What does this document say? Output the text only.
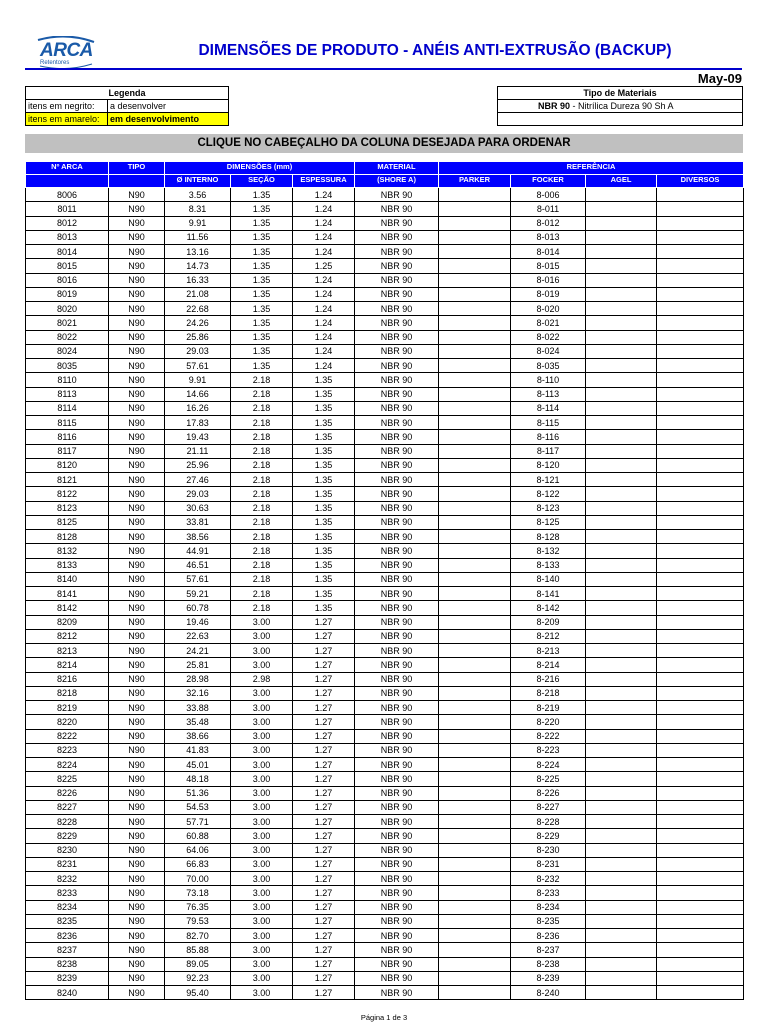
ARCA
Retentores
DIMENSÕES DE PRODUTO - ANÉIS ANTI-EXTRUSÃO (BACKUP)
May-09
Legenda	
itens em negrito:	a desenvolver
itens em amarelo:	em desenvolvimento
Tipo de Materiais
NBR 90 - Nitrílica Dureza 90 Sh A

CLIQUE NO CABEÇALHO DA COLUNA DESEJADA PARA ORDENAR
Nº ARCA	TIPO	DIMENSÕES (mm)			MATERIAL	REFERÊNCIA			
		Ø INTERNO	SEÇÃO	ESPESSURA	(SHORE A)	PARKER	FOCKER	AGEL	DIVERSOS
8006	N90	3.56	1.35	1.24	NBR 90		8-006		
8011	N90	8.31	1.35	1.24	NBR 90		8-011		
8012	N90	9.91	1.35	1.24	NBR 90		8-012		
8013	N90	11.56	1.35	1.24	NBR 90		8-013		
8014	N90	13.16	1.35	1.24	NBR 90		8-014		
8015	N90	14.73	1.35	1.25	NBR 90		8-015		
8016	N90	16.33	1.35	1.24	NBR 90		8-016		
8019	N90	21.08	1.35	1.24	NBR 90		8-019		
8020	N90	22.68	1.35	1.24	NBR 90		8-020		
8021	N90	24.26	1.35	1.24	NBR 90		8-021		
8022	N90	25.86	1.35	1.24	NBR 90		8-022		
8024	N90	29.03	1.35	1.24	NBR 90		8-024		
8035	N90	57.61	1.35	1.24	NBR 90		8-035		
8110	N90	9.91	2.18	1.35	NBR 90		8-110		
8113	N90	14.66	2.18	1.35	NBR 90		8-113		
8114	N90	16.26	2.18	1.35	NBR 90		8-114		
8115	N90	17.83	2.18	1.35	NBR 90		8-115		
8116	N90	19.43	2.18	1.35	NBR 90		8-116		
8117	N90	21.11	2.18	1.35	NBR 90		8-117		
8120	N90	25.96	2.18	1.35	NBR 90		8-120		
8121	N90	27.46	2.18	1.35	NBR 90		8-121		
8122	N90	29.03	2.18	1.35	NBR 90		8-122		
8123	N90	30.63	2.18	1.35	NBR 90		8-123		
8125	N90	33.81	2.18	1.35	NBR 90		8-125		
8128	N90	38.56	2.18	1.35	NBR 90		8-128		
8132	N90	44.91	2.18	1.35	NBR 90		8-132		
8133	N90	46.51	2.18	1.35	NBR 90		8-133		
8140	N90	57.61	2.18	1.35	NBR 90		8-140		
8141	N90	59.21	2.18	1.35	NBR 90		8-141		
8142	N90	60.78	2.18	1.35	NBR 90		8-142		
8209	N90	19.46	3.00	1.27	NBR 90		8-209		
8212	N90	22.63	3.00	1.27	NBR 90		8-212		
8213	N90	24.21	3.00	1.27	NBR 90		8-213		
8214	N90	25.81	3.00	1.27	NBR 90		8-214		
8216	N90	28.98	2.98	1.27	NBR 90		8-216		
8218	N90	32.16	3.00	1.27	NBR 90		8-218		
8219	N90	33.88	3.00	1.27	NBR 90		8-219		
8220	N90	35.48	3.00	1.27	NBR 90		8-220		
8222	N90	38.66	3.00	1.27	NBR 90		8-222		
8223	N90	41.83	3.00	1.27	NBR 90		8-223		
8224	N90	45.01	3.00	1.27	NBR 90		8-224		
8225	N90	48.18	3.00	1.27	NBR 90		8-225		
8226	N90	51.36	3.00	1.27	NBR 90		8-226		
8227	N90	54.53	3.00	1.27	NBR 90		8-227		
8228	N90	57.71	3.00	1.27	NBR 90		8-228		
8229	N90	60.88	3.00	1.27	NBR 90		8-229		
8230	N90	64.06	3.00	1.27	NBR 90		8-230		
8231	N90	66.83	3.00	1.27	NBR 90		8-231		
8232	N90	70.00	3.00	1.27	NBR 90		8-232		
8233	N90	73.18	3.00	1.27	NBR 90		8-233		
8234	N90	76.35	3.00	1.27	NBR 90		8-234		
8235	N90	79.53	3.00	1.27	NBR 90		8-235		
8236	N90	82.70	3.00	1.27	NBR 90		8-236		
8237	N90	85.88	3.00	1.27	NBR 90		8-237		
8238	N90	89.05	3.00	1.27	NBR 90		8-238		
8239	N90	92.23	3.00	1.27	NBR 90		8-239		
8240	N90	95.40	3.00	1.27	NBR 90		8-240		
Página 1 de 3
